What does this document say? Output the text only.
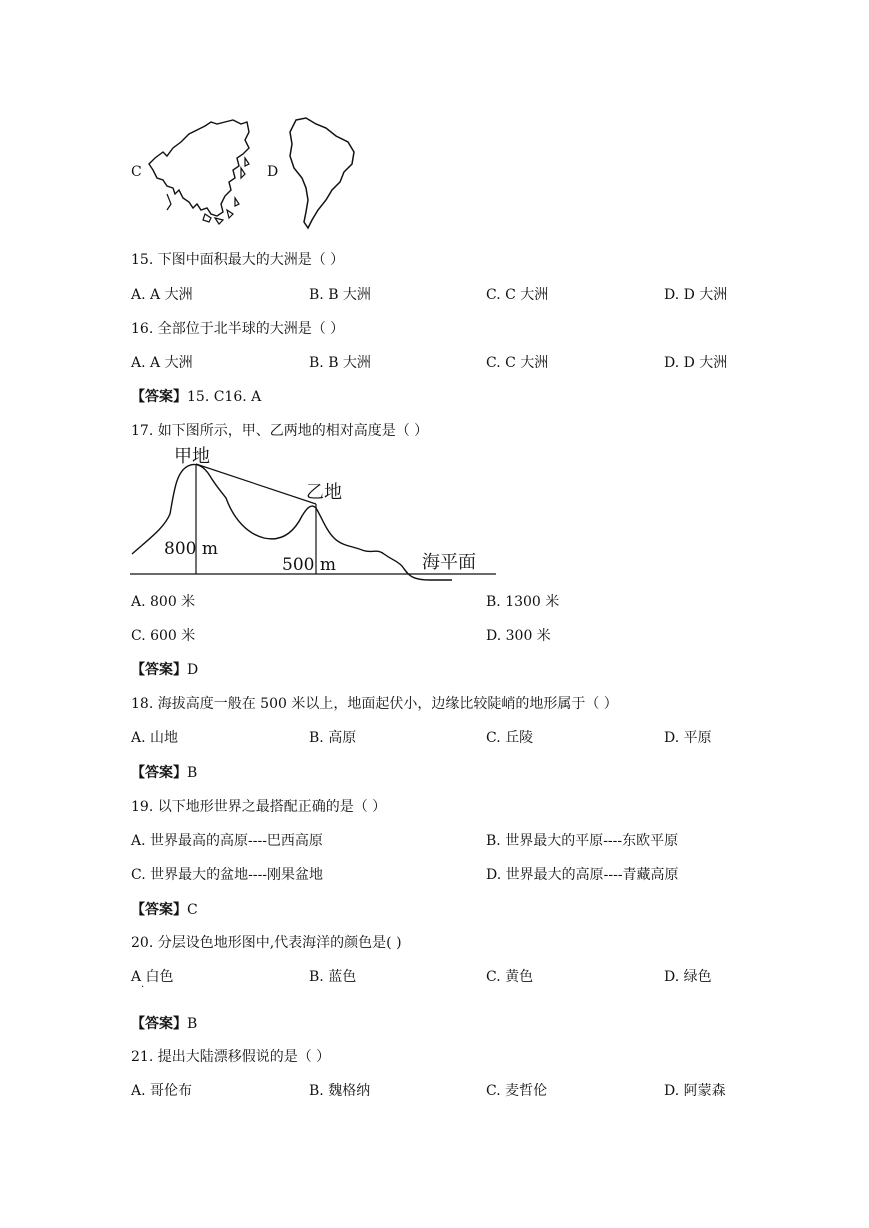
C	D
15. 下图中面积最大的大洲是（ ）
A. A 大洲	B. B 大洲	C. C 大洲	D. D 大洲
16. 全部位于北半球的大洲是（ ）
A. A 大洲	B. B 大洲	C. C 大洲	D. D 大洲
【答案】15. C16. A
17. 如下图所示，甲、乙两地的相对高度是（ ）
甲地
乙地
800 m
500 m	海平面
A. 800 米	B. 1300 米
C. 600 米	D. 300 米
【答案】D
18. 海拔高度一般在 500 米以上，地面起伏小，边缘比较陡峭的地形属于（ ）
A. 山地	B. 高原	C. 丘陵	D. 平原
【答案】B
19. 以下地形世界之最搭配正确的是（ ）
A. 世界最高的高原----巴西高原	B. 世界最大的平原----东欧平原
C. 世界最大的盆地----刚果盆地	D. 世界最大的高原----青藏高原
【答案】C
20. 分层设色地形图中,代表海洋的颜色是( )
A 白色
·
B. 蓝色	C. 黄色	D. 绿色
【答案】B
21. 提出大陆漂移假说的是（ ）
A. 哥伦布	B. 魏格纳	C. 麦哲伦	D. 阿蒙森
